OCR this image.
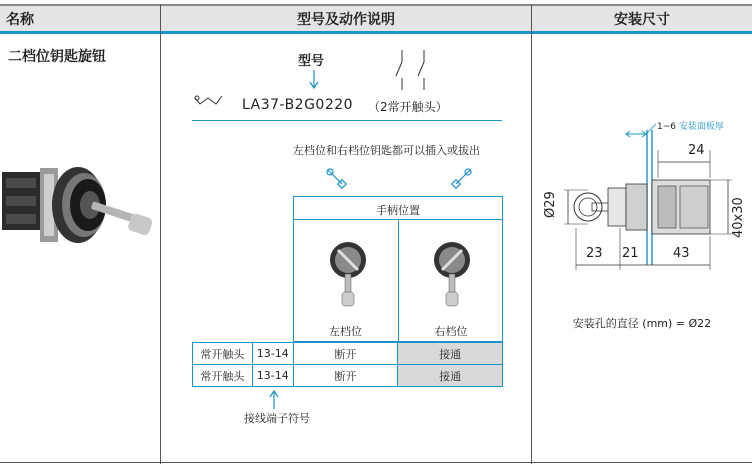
名称	型号及动作说明	安装尺寸
二档位钥匙旋钮	型号
LA37-B2G0220 （2常开触头）
左档位和右档位钥匙都可以插入或拔出
手柄位置
左档位	右档位
常开触头	13-14	断开	接通
常开触头	13-14	断开	接通
接线端子符号
1~6 安装面板厚
24
Ø29	40x30
23 21	43
安装孔的直径 (mm) = Ø22
